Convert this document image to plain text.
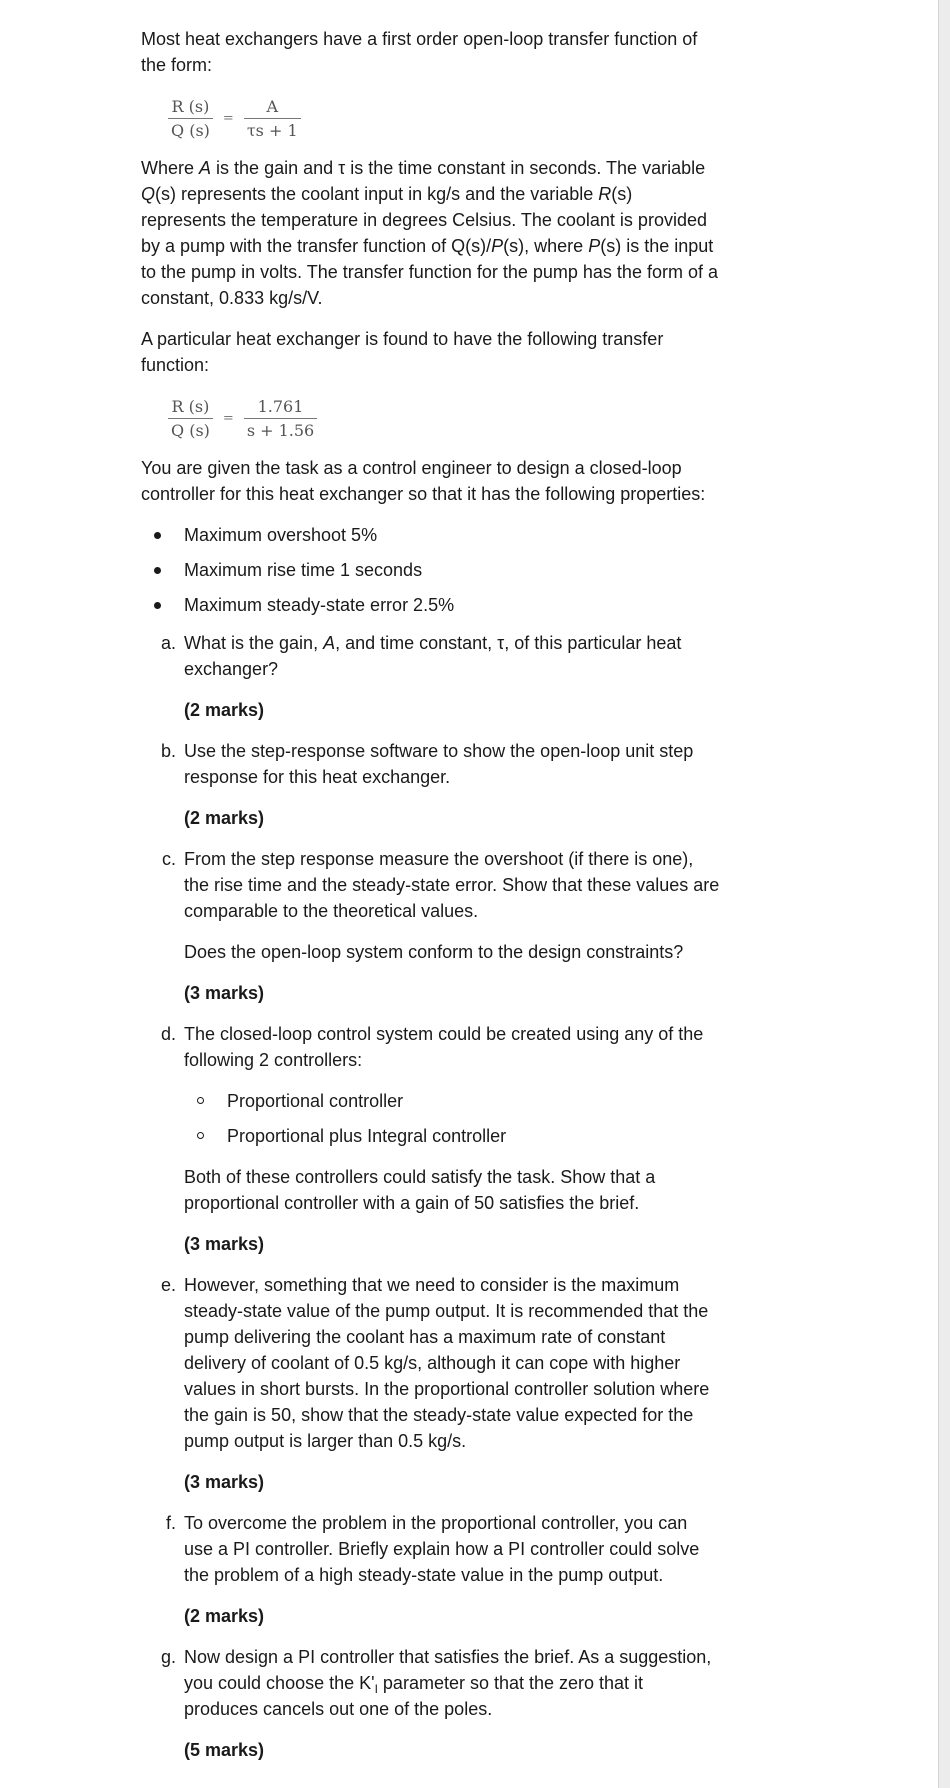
Most heat exchangers have a first order open-loop transfer function of the form:

$\frac{R (s)}{Q (s)} = \frac{A}{\tau s + 1}$

Where A is the gain and τ is the time constant in seconds. The variable Q(s) represents the coolant input in kg/s and the variable R(s) represents the temperature in degrees Celsius. The coolant is provided by a pump with the transfer function of Q(s)/P(s), where P(s) is the input to the pump in volts. The transfer function for the pump has the form of a constant, 0.833 kg/s/V.

A particular heat exchanger is found to have the following transfer function:

$\frac{R (s)}{Q (s)} = \frac{1.761}{s + 1.56}$

You are given the task as a control engineer to design a closed-loop controller for this heat exchanger so that it has the following properties:

Maximum overshoot 5%
Maximum rise time 1 seconds
Maximum steady-state error 2.5%
a. What is the gain, A, and time constant, τ, of this particular heat exchanger?

(2 marks)

b. Use the step-response software to show the open-loop unit step response for this heat exchanger.

(2 marks)

c. From the step response measure the overshoot (if there is one), the rise time and the steady-state error. Show that these values are comparable to the theoretical values.

Does the open-loop system conform to the design constraints?

(3 marks)

d. The closed-loop control system could be created using any of the following 2 controllers:

Proportional controller
Proportional plus Integral controller

Both of these controllers could satisfy the task. Show that a proportional controller with a gain of 50 satisfies the brief.

(3 marks)

e. However, something that we need to consider is the maximum steady-state value of the pump output. It is recommended that the pump delivering the coolant has a maximum rate of constant delivery of coolant of 0.5 kg/s, although it can cope with higher values in short bursts. In the proportional controller solution where the gain is 50, show that the steady-state value expected for the pump output is larger than 0.5 kg/s.

(3 marks)

f. To overcome the problem in the proportional controller, you can use a PI controller. Briefly explain how a PI controller could solve the problem of a high steady-state value in the pump output.

(2 marks)

g. Now design a PI controller that satisfies the brief. As a suggestion, you could choose the $K'_I$ parameter so that the zero that it produces cancels out one of the poles.

(5 marks)
